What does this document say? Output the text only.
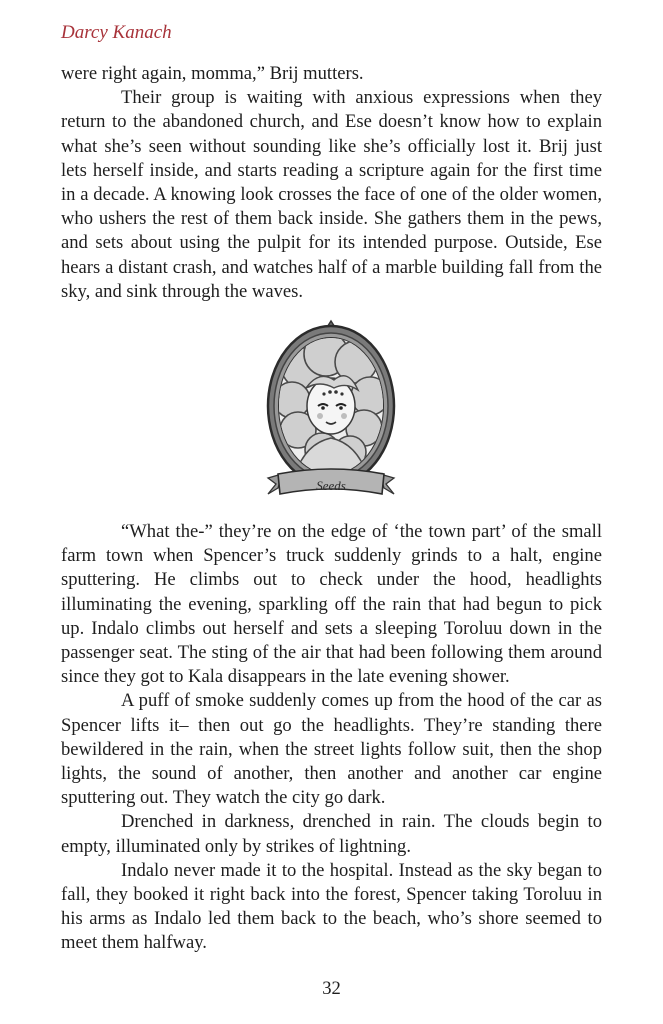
Darcy Kanach

were right again, momma,” Brij mutters.

Their group is waiting with anxious expressions when they return to the abandoned church, and Ese doesn’t know how to explain what she’s seen without sounding like she’s officially lost it. Brij just lets herself inside, and starts reading a scripture again for the first time in a decade. A knowing look crosses the face of one of the older women, who ushers the rest of them back inside. She gathers them in the pews, and sets about using the pulpit for its intended purpose. Outside, Ese hears a distant crash, and watches half of a marble building fall from the sky, and sink through the waves.

Seeds

“What the-” they’re on the edge of ‘the town part’ of the small farm town when Spencer’s truck suddenly grinds to a halt, engine sputtering. He climbs out to check under the hood, headlights illuminating the evening, sparkling off the rain that had begun to pick up. Indalo climbs out herself and sets a sleeping Toroluu down in the passenger seat. The sting of the air that had been following them around since they got to Kala disappears in the late evening shower.

A puff of smoke suddenly comes up from the hood of the car as Spencer lifts it– then out go the headlights. They’re standing there bewildered in the rain, when the street lights follow suit, then the shop lights, the sound of another, then another and another car engine sputtering out. They watch the city go dark.

Drenched in darkness, drenched in rain. The clouds begin to empty, illuminated only by strikes of lightning.

Indalo never made it to the hospital. Instead as the sky began to fall, they booked it right back into the forest, Spencer taking Toroluu in his arms as Indalo led them back to the beach, who’s shore seemed to meet them halfway.

32
